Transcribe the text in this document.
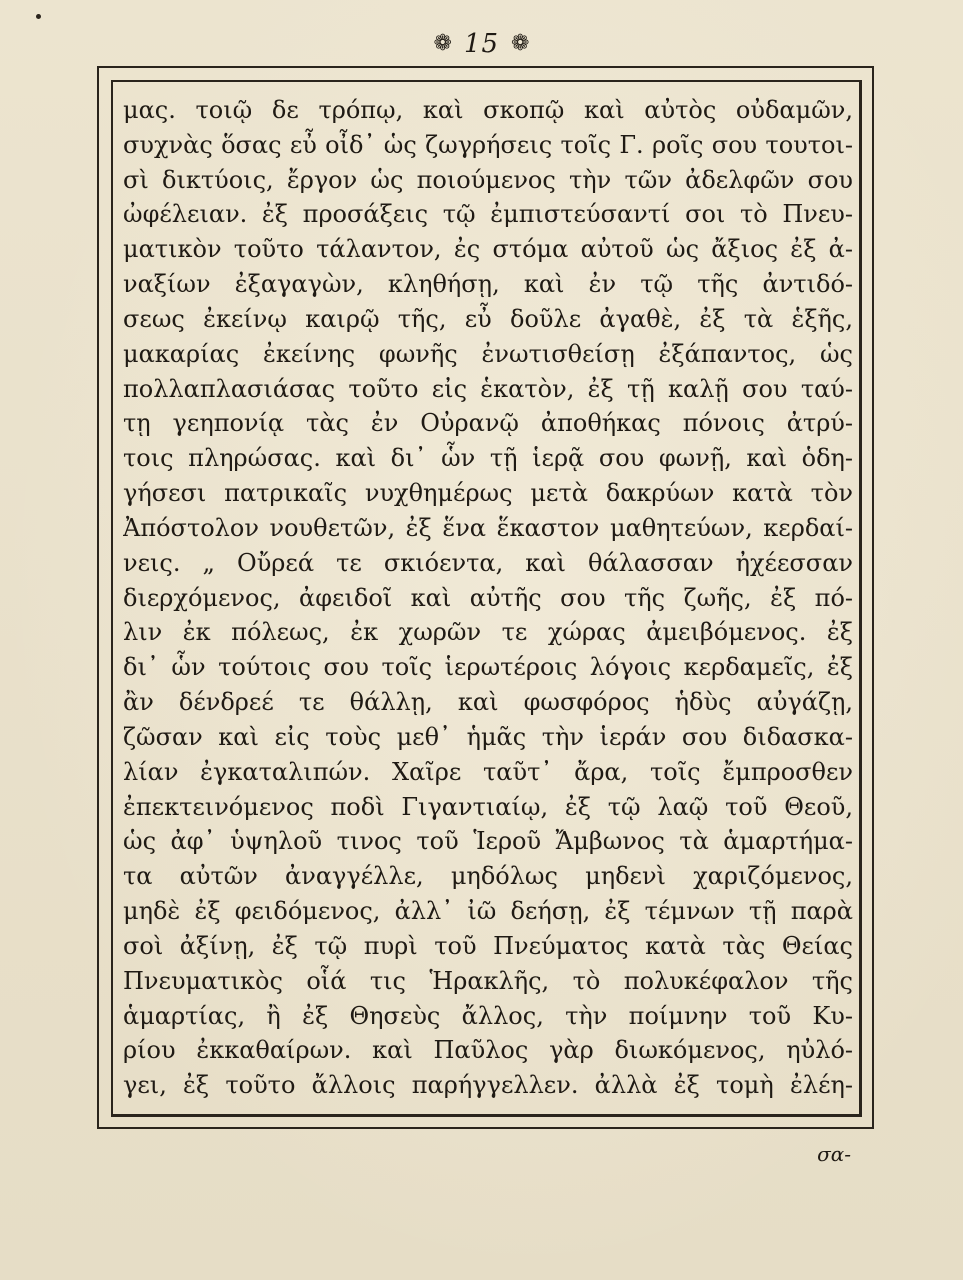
❁ 15 ❁
μας. τοιῷ δε τρόπῳ, καὶ σκοπῷ καὶ αὐτὸς οὐδαμῶν,
συχνὰς ὅσας εὖ οἶδ᾽ ὡς ζωγρήσεις τοῖς Γ. ροῖς σου τουτοι-
σὶ δικτύοις, ἔργον ὡς ποιούμενος τὴν τῶν ἀδελφῶν σου
ὠφέλειαν. ἐξ προσάξεις τῷ ἐμπιστεύσαντί σοι τὸ Πνευ-
ματικὸν τοῦτο τάλαντον, ἐς στόμα αὐτοῦ ὡς ἄξιος ἐξ ἀ-
ναξίων ἐξαγαγὼν, κληθήσῃ, καὶ ἐν τῷ τῆς ἀντιδό-
σεως ἐκείνῳ καιρῷ τῆς, εὖ δοῦλε ἀγαθὲ, ἐξ τὰ ἑξῆς,
μακαρίας ἐκείνης φωνῆς ἐνωτισθείσῃ ἐξάπαντος, ὡς
πολλαπλασιάσας τοῦτο εἰς ἑκατὸν, ἐξ τῇ καλῇ σου ταύ-
τῃ γεηπονίᾳ τὰς ἐν Οὐρανῷ ἀποθήκας πόνοις ἀτρύ-
τοις πληρώσας. καὶ δι᾽ ὧν τῇ ἱερᾷ σου φωνῇ, καὶ ὁδη-
γήσεσι πατρικαῖς νυχθημέρως μετὰ δακρύων κατὰ τὸν
Ἀπόστολον νουθετῶν, ἐξ ἕνα ἕκαστον μαθητεύων, κερδαί-
νεις. „ Οὔρεά τε σκιόεντα, καὶ θάλασσαν ἠχέεσσαν
διερχόμενος, ἀφειδοῖ καὶ αὐτῆς σου τῆς ζωῆς, ἐξ πό-
λιν ἐκ πόλεως, ἐκ χωρῶν τε χώρας ἀμειβόμενος. ἐξ
δι᾽ ὧν τούτοις σου τοῖς ἱερωτέροις λόγοις κερδαμεῖς, ἐξ
ἂν δένδρεέ τε θάλλῃ, καὶ φωσφόρος ἡδὺς αὐγάζῃ,
ζῶσαν καὶ εἰς τοὺς μεθ᾽ ἡμᾶς τὴν ἱεράν σου διδασκα-
λίαν ἐγκαταλιπών. Χαῖρε ταῦτ᾽ ἄρα, τοῖς ἔμπροσθεν
ἐπεκτεινόμενος ποδὶ Γιγαντιαίῳ, ἐξ τῷ λαῷ τοῦ Θεοῦ,
ὡς ἀφ᾽ ὑψηλοῦ τινος τοῦ Ἱεροῦ Ἄμβωνος τὰ ἁμαρτήμα-
τα αὐτῶν ἀναγγέλλε, μηδόλως μηδενὶ χαριζόμενος,
μηδὲ ἐξ φειδόμενος, ἀλλ᾽ ἰῶ δεήσῃ, ἐξ τέμνων τῇ παρὰ
σοὶ ἀξίνῃ, ἐξ τῷ πυρὶ τοῦ Πνεύματος κατὰ τὰς Θείας
Πνευματικὸς οἷά τις Ἡρακλῆς, τὸ πολυκέφαλον τῆς
ἁμαρτίας, ἢ ἐξ Θησεὺς ἄλλος, τὴν ποίμνην τοῦ Κυ-
ρίου ἐκκαθαίρων. καὶ Παῦλος γὰρ διωκόμενος, ηὐλό-
γει, ἐξ τοῦτο ἄλλοις παρήγγελλεν. ἀλλὰ ἐξ τομὴ ἐλέη-
σα-
